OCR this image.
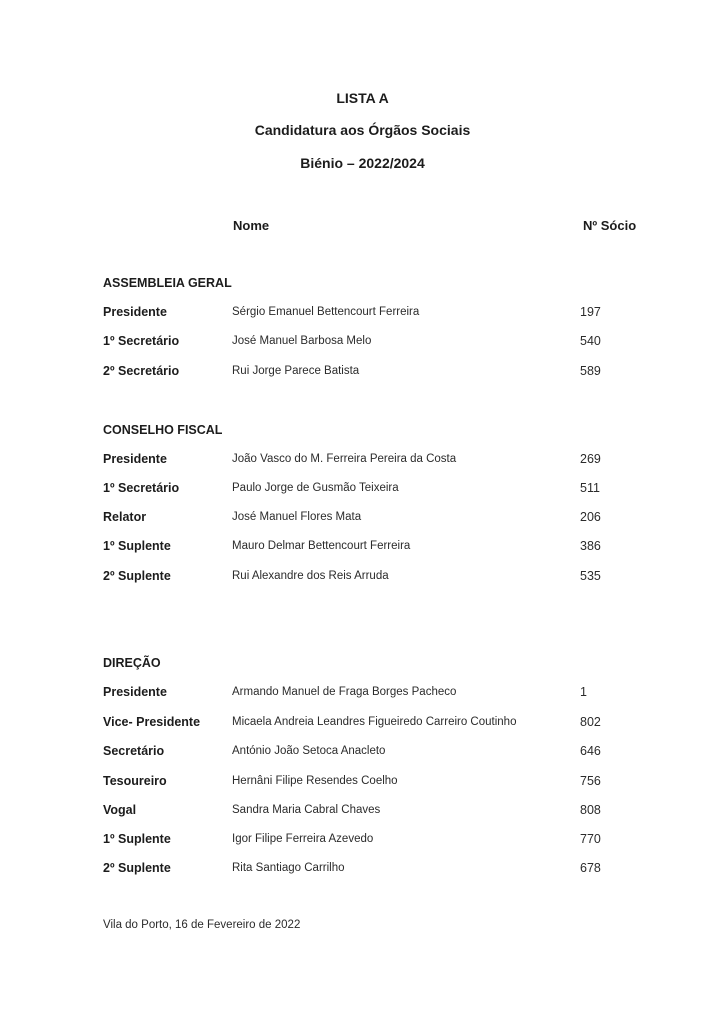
LISTA A
Candidatura aos Órgãos Sociais
Biénio – 2022/2024
Nome	Nº Sócio
ASSEMBLEIA GERAL
Presidente	Sérgio Emanuel Bettencourt Ferreira	197
1º Secretário	José Manuel Barbosa Melo	540
2º Secretário	Rui Jorge Parece Batista	589
CONSELHO FISCAL
Presidente	João Vasco do M. Ferreira Pereira da Costa	269
1º Secretário	Paulo Jorge de Gusmão Teixeira	511
Relator	José Manuel Flores Mata	206
1º Suplente	Mauro Delmar Bettencourt Ferreira	386
2º Suplente	Rui Alexandre dos Reis Arruda	535
DIREÇÃO
Presidente	Armando Manuel de Fraga Borges Pacheco	1
Vice- Presidente	Micaela Andreia Leandres Figueiredo Carreiro Coutinho	802
Secretário	António João Setoca Anacleto	646
Tesoureiro	Hernâni Filipe Resendes Coelho	756
Vogal	Sandra Maria Cabral Chaves	808
1º Suplente	Igor Filipe Ferreira Azevedo	770
2º Suplente	Rita Santiago Carrilho	678
Vila do Porto, 16 de Fevereiro de 2022
